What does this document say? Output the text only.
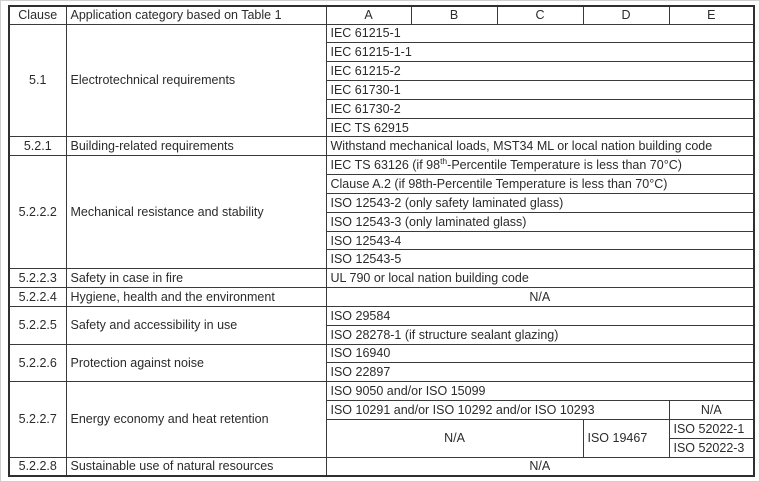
Clause	Application category based on Table 1	A	B	C	D	E
5.1	Electrotechnical requirements	IEC 61215-1				
		IEC 61215-1-1				
		IEC 61215-2				
		IEC 61730-1				
		IEC 61730-2				
		IEC TS 62915				
5.2.1	Building-related requirements	Withstand mechanical loads, MST34 ML or local nation building code				
5.2.2.2	Mechanical resistance and stability	IEC TS 63126 (if 98th-Percentile Temperature is less than 70°C)				
		Clause A.2 (if 98th-Percentile Temperature is less than 70°C)				
		ISO 12543-2 (only safety laminated glass)				
		ISO 12543-3 (only laminated glass)				
		ISO 12543-4				
		ISO 12543-5				
5.2.2.3	Safety in case in fire	UL 790 or local nation building code				
5.2.2.4	Hygiene, health and the environment	N/A				
5.2.2.5	Safety and accessibility in use	ISO 29584				
		ISO 28278-1 (if structure sealant glazing)				
5.2.2.6	Protection against noise	ISO 16940				
		ISO 22897				
5.2.2.7	Energy economy and heat retention	ISO 9050 and/or ISO 15099				
		ISO 10291 and/or ISO 10292 and/or ISO 10293				N/A
		N/A			ISO 19467	ISO 52022-1
						ISO 52022-3
5.2.2.8	Sustainable use of natural resources	N/A				
